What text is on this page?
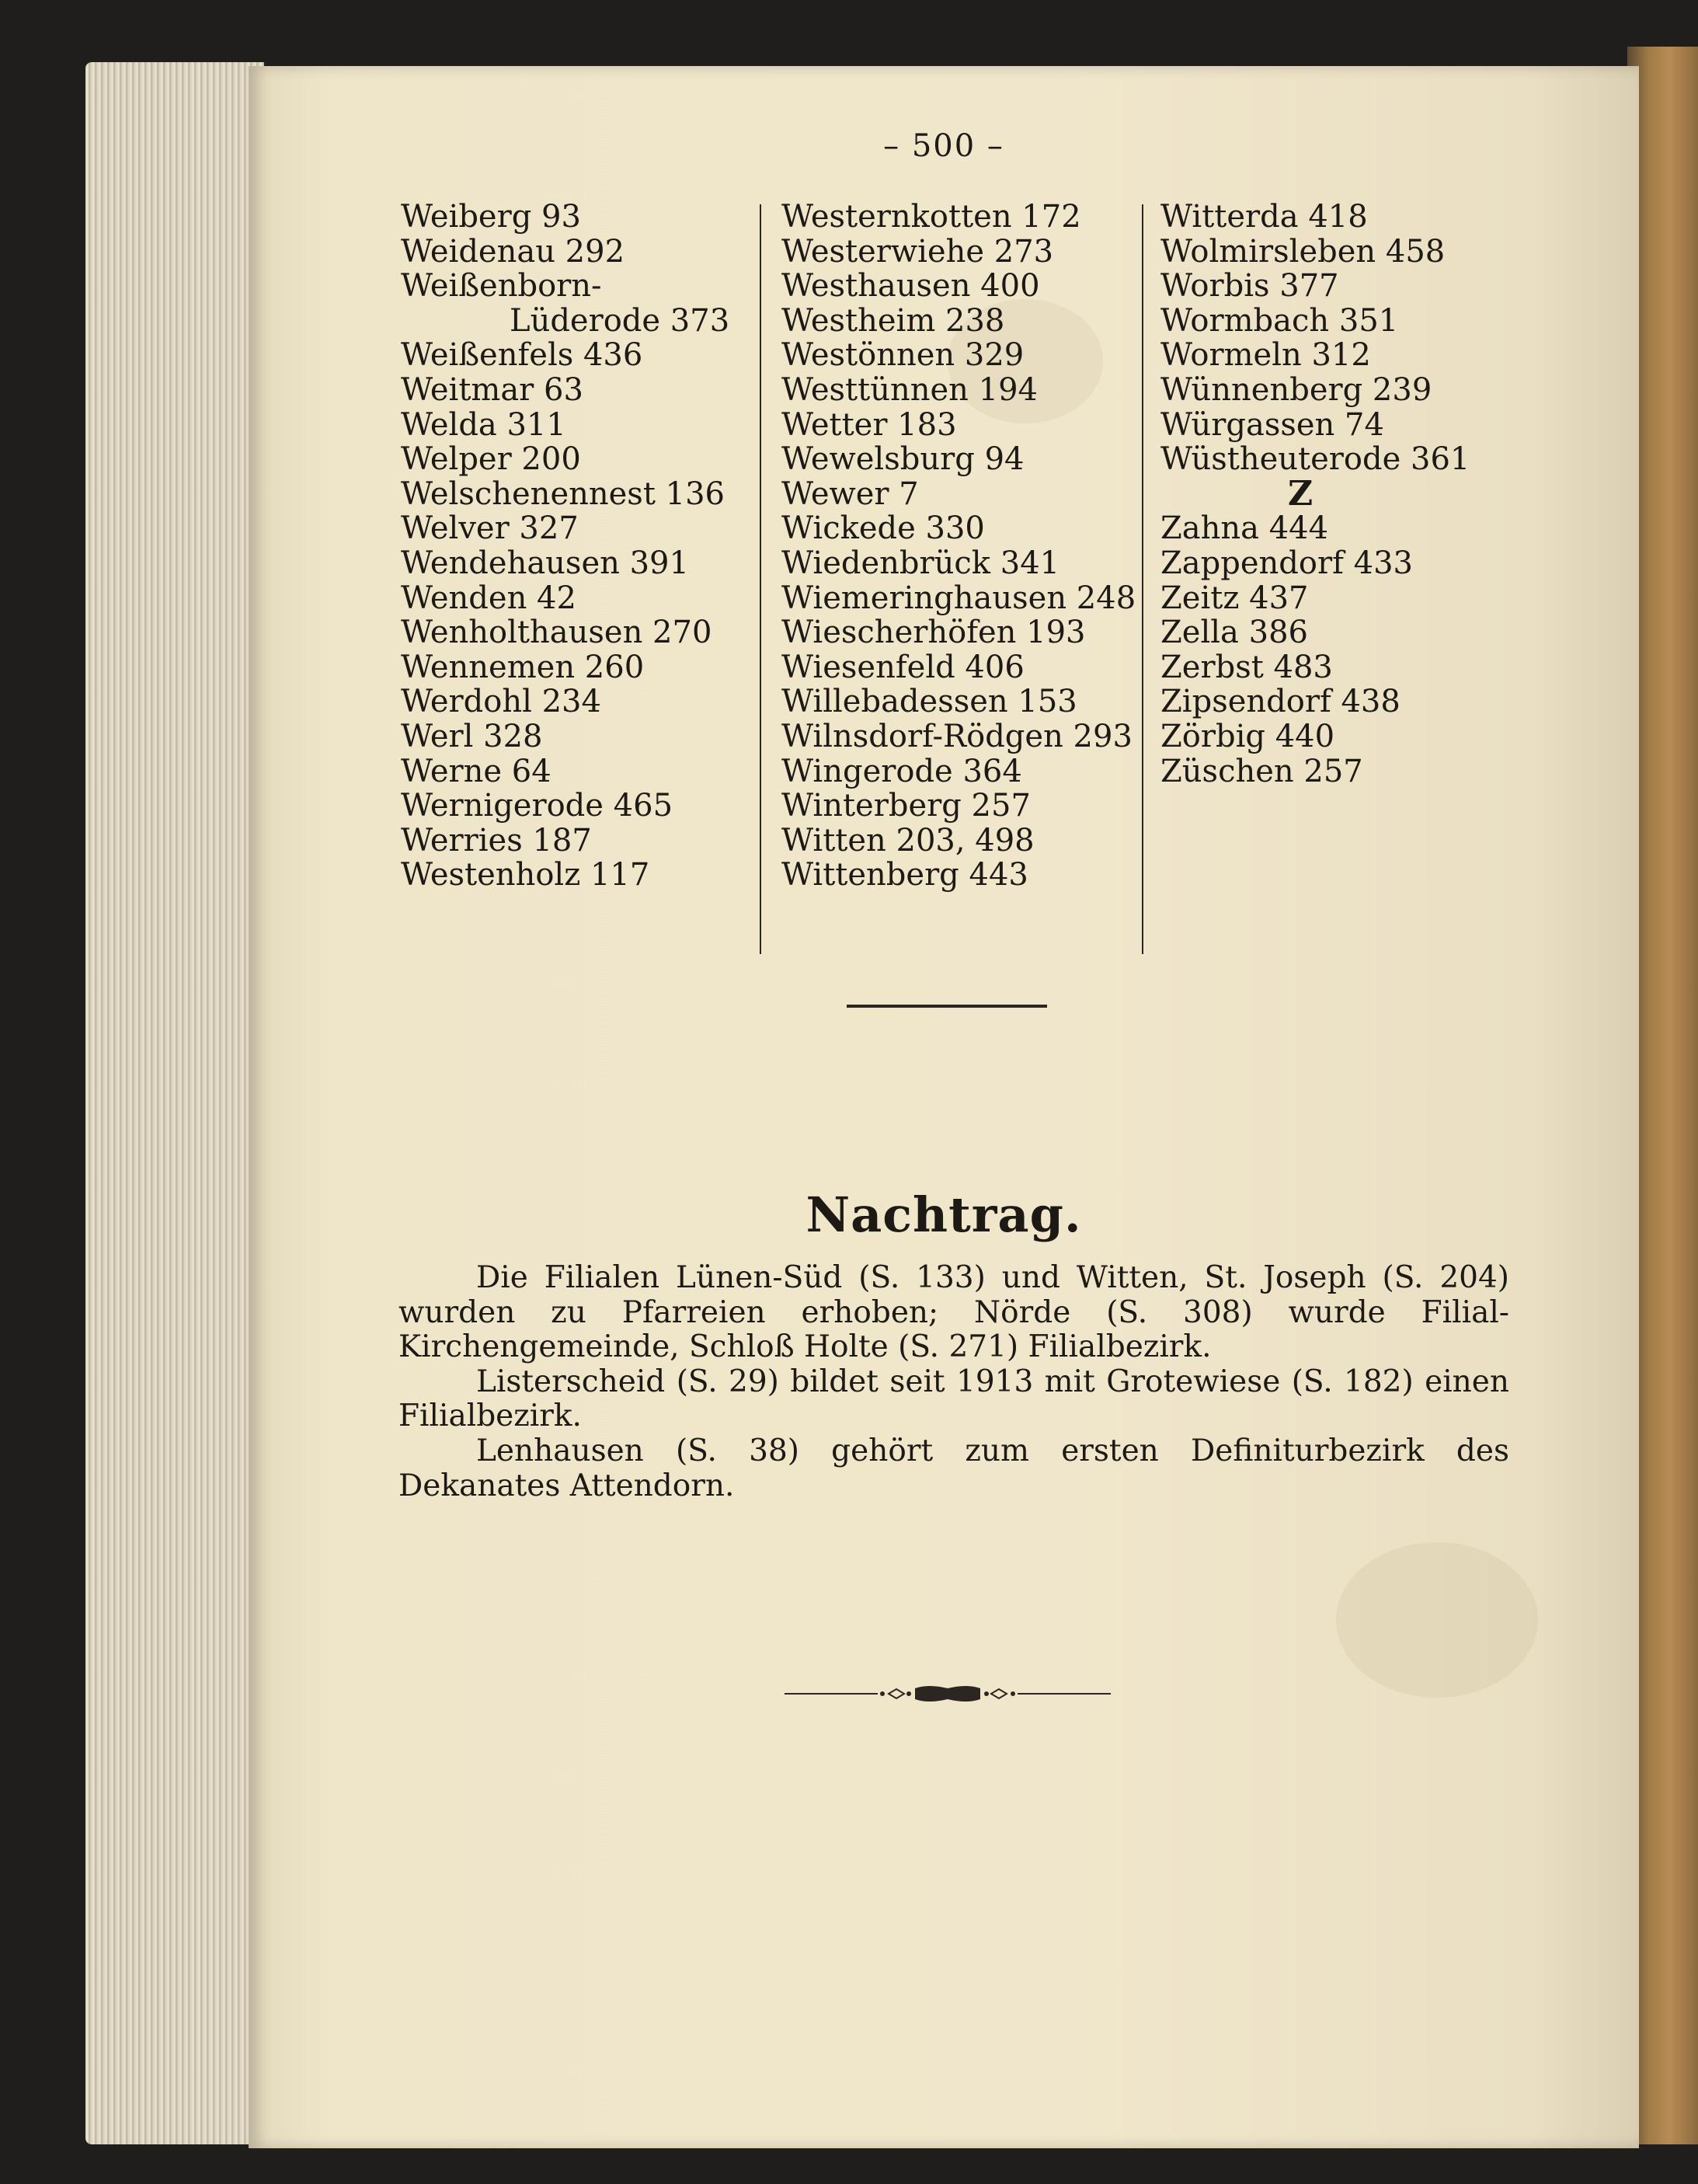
– 500 –
Weiberg 93
Weidenau 292
Weißenborn-
Lüderode 373
Weißenfels 436
Weitmar 63
Welda 311
Welper 200
Welschenennest 136
Welver 327
Wendehausen 391
Wenden 42
Wenholthausen 270
Wennemen 260
Werdohl 234
Werl 328
Werne 64
Wernigerode 465
Werries 187
Westenholz 117
Westernkotten 172
Westerwiehe 273
Westhausen 400
Westheim 238
Westönnen 329
Westtünnen 194
Wetter 183
Wewelsburg 94
Wewer 7
Wickede 330
Wiedenbrück 341
Wiemeringhausen 248
Wiescherhöfen 193
Wiesenfeld 406
Willebadessen 153
Wilnsdorf-Rödgen 293
Wingerode 364
Winterberg 257
Witten 203, 498
Wittenberg 443
Witterda 418
Wolmirsleben 458
Worbis 377
Wormbach 351
Wormeln 312
Wünnenberg 239
Würgassen 74
Wüstheuterode 361
Z
Zahna 444
Zappendorf 433
Zeitz 437
Zella 386
Zerbst 483
Zipsendorf 438
Zörbig 440
Züschen 257
Nachtrag.

Die Filialen Lünen-Süd (S. 133) und Witten, St. Joseph (S. 204) wurden zu Pfarreien erhoben; Nörde (S. 308) wurde Filial-Kirchengemeinde, Schloß Holte (S. 271) Filialbezirk.

Listerscheid (S. 29) bildet seit 1913 mit Grotewiese (S. 182) einen Filialbezirk.

Lenhausen (S. 38) gehört zum ersten Definiturbezirk des Dekanates Attendorn.
